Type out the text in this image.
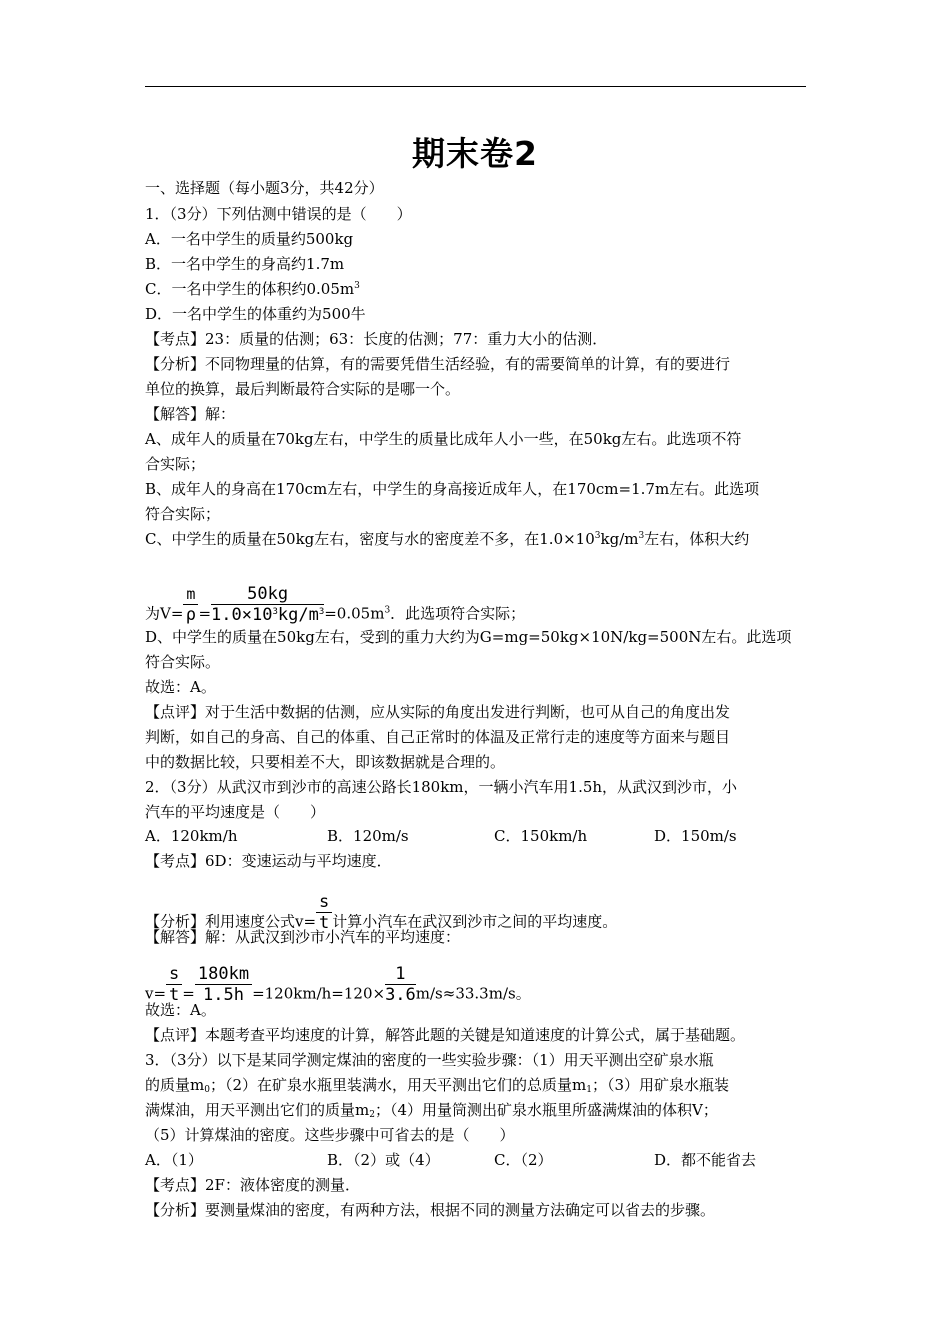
期末卷2
一、选择题（每小题3分，共42分）
1．（3分）下列估测中错误的是（　　）
A．一名中学生的质量约500kg
B．一名中学生的身高约1.7m
C．一名中学生的体积约$0.05m^3$
D．一名中学生的体重约为500牛
【考点】23：质量的估测；63：长度的估测；77：重力大小的估测．
【分析】不同物理量的估算，有的需要凭借生活经验，有的需要简单的计算，有的要进行
单位的换算，最后判断最符合实际的是哪一个。
【解答】解：
A、成年人的质量在70kg左右，中学生的质量比成年人小一些，在50kg左右。此选项不符
合实际；
B、成年人的身高在170cm左右，中学生的身高接近成年人，在170cm=1.7m左右。此选项
符合实际；
C、中学生的质量在50kg左右，密度与水的密度差不多，在$1.0\times 10^3kg/m^3$左右，体积大约
为$V= \frac{m}{\rho} = \frac{50kg}{1.0\times 10^3kg/m^3} =0.05m^3$．此选项符合实际；
D、中学生的质量在50kg左右，受到的重力大约为G=mg=50kg×10N/kg=500N左右。此选项
符合实际。
故选：A。
【点评】对于生活中数据的估测，应从实际的角度出发进行判断，也可从自己的角度出发
判断，如自己的身高、自己的体重、自己正常时的体温及正常行走的速度等方面来与题目
中的数据比较，只要相差不大，即该数据就是合理的。
2．（3分）从武汉市到沙市的高速公路长180km，一辆小汽车用1.5h，从武汉到沙市，小
汽车的平均速度是（　　）
A．120km/h	B．120m/s	C．150km/h	D．150m/s
【考点】6D：变速运动与平均速度．
【分析】利用速度公式$v= \frac{s}{t}$ 计算小汽车在武汉到沙市之间的平均速度。
【解答】解：从武汉到沙市小汽车的平均速度：
$v= \frac{s}{t} = \frac{180km}{1.5h} =120km/h=120\times \frac{1}{3.6} m/s\approx 33.3m/s$。
故选：A。
【点评】本题考查平均速度的计算，解答此题的关键是知道速度的计算公式，属于基础题。
3．（3分）以下是某同学测定煤油的密度的一些实验步骤：（1）用天平测出空矿泉水瓶
的质量$m_0$；（2）在矿泉水瓶里装满水，用天平测出它们的总质量$m_1$；（3）用矿泉水瓶装
满煤油，用天平测出它们的质量$m_2$；（4）用量筒测出矿泉水瓶里所盛满煤油的体积V；
（5）计算煤油的密度。这些步骤中可省去的是（　　）
A．（1）	B．（2）或（4）	C．（2）	D．都不能省去
【考点】2F：液体密度的测量．
【分析】要测量煤油的密度，有两种方法，根据不同的测量方法确定可以省去的步骤。
